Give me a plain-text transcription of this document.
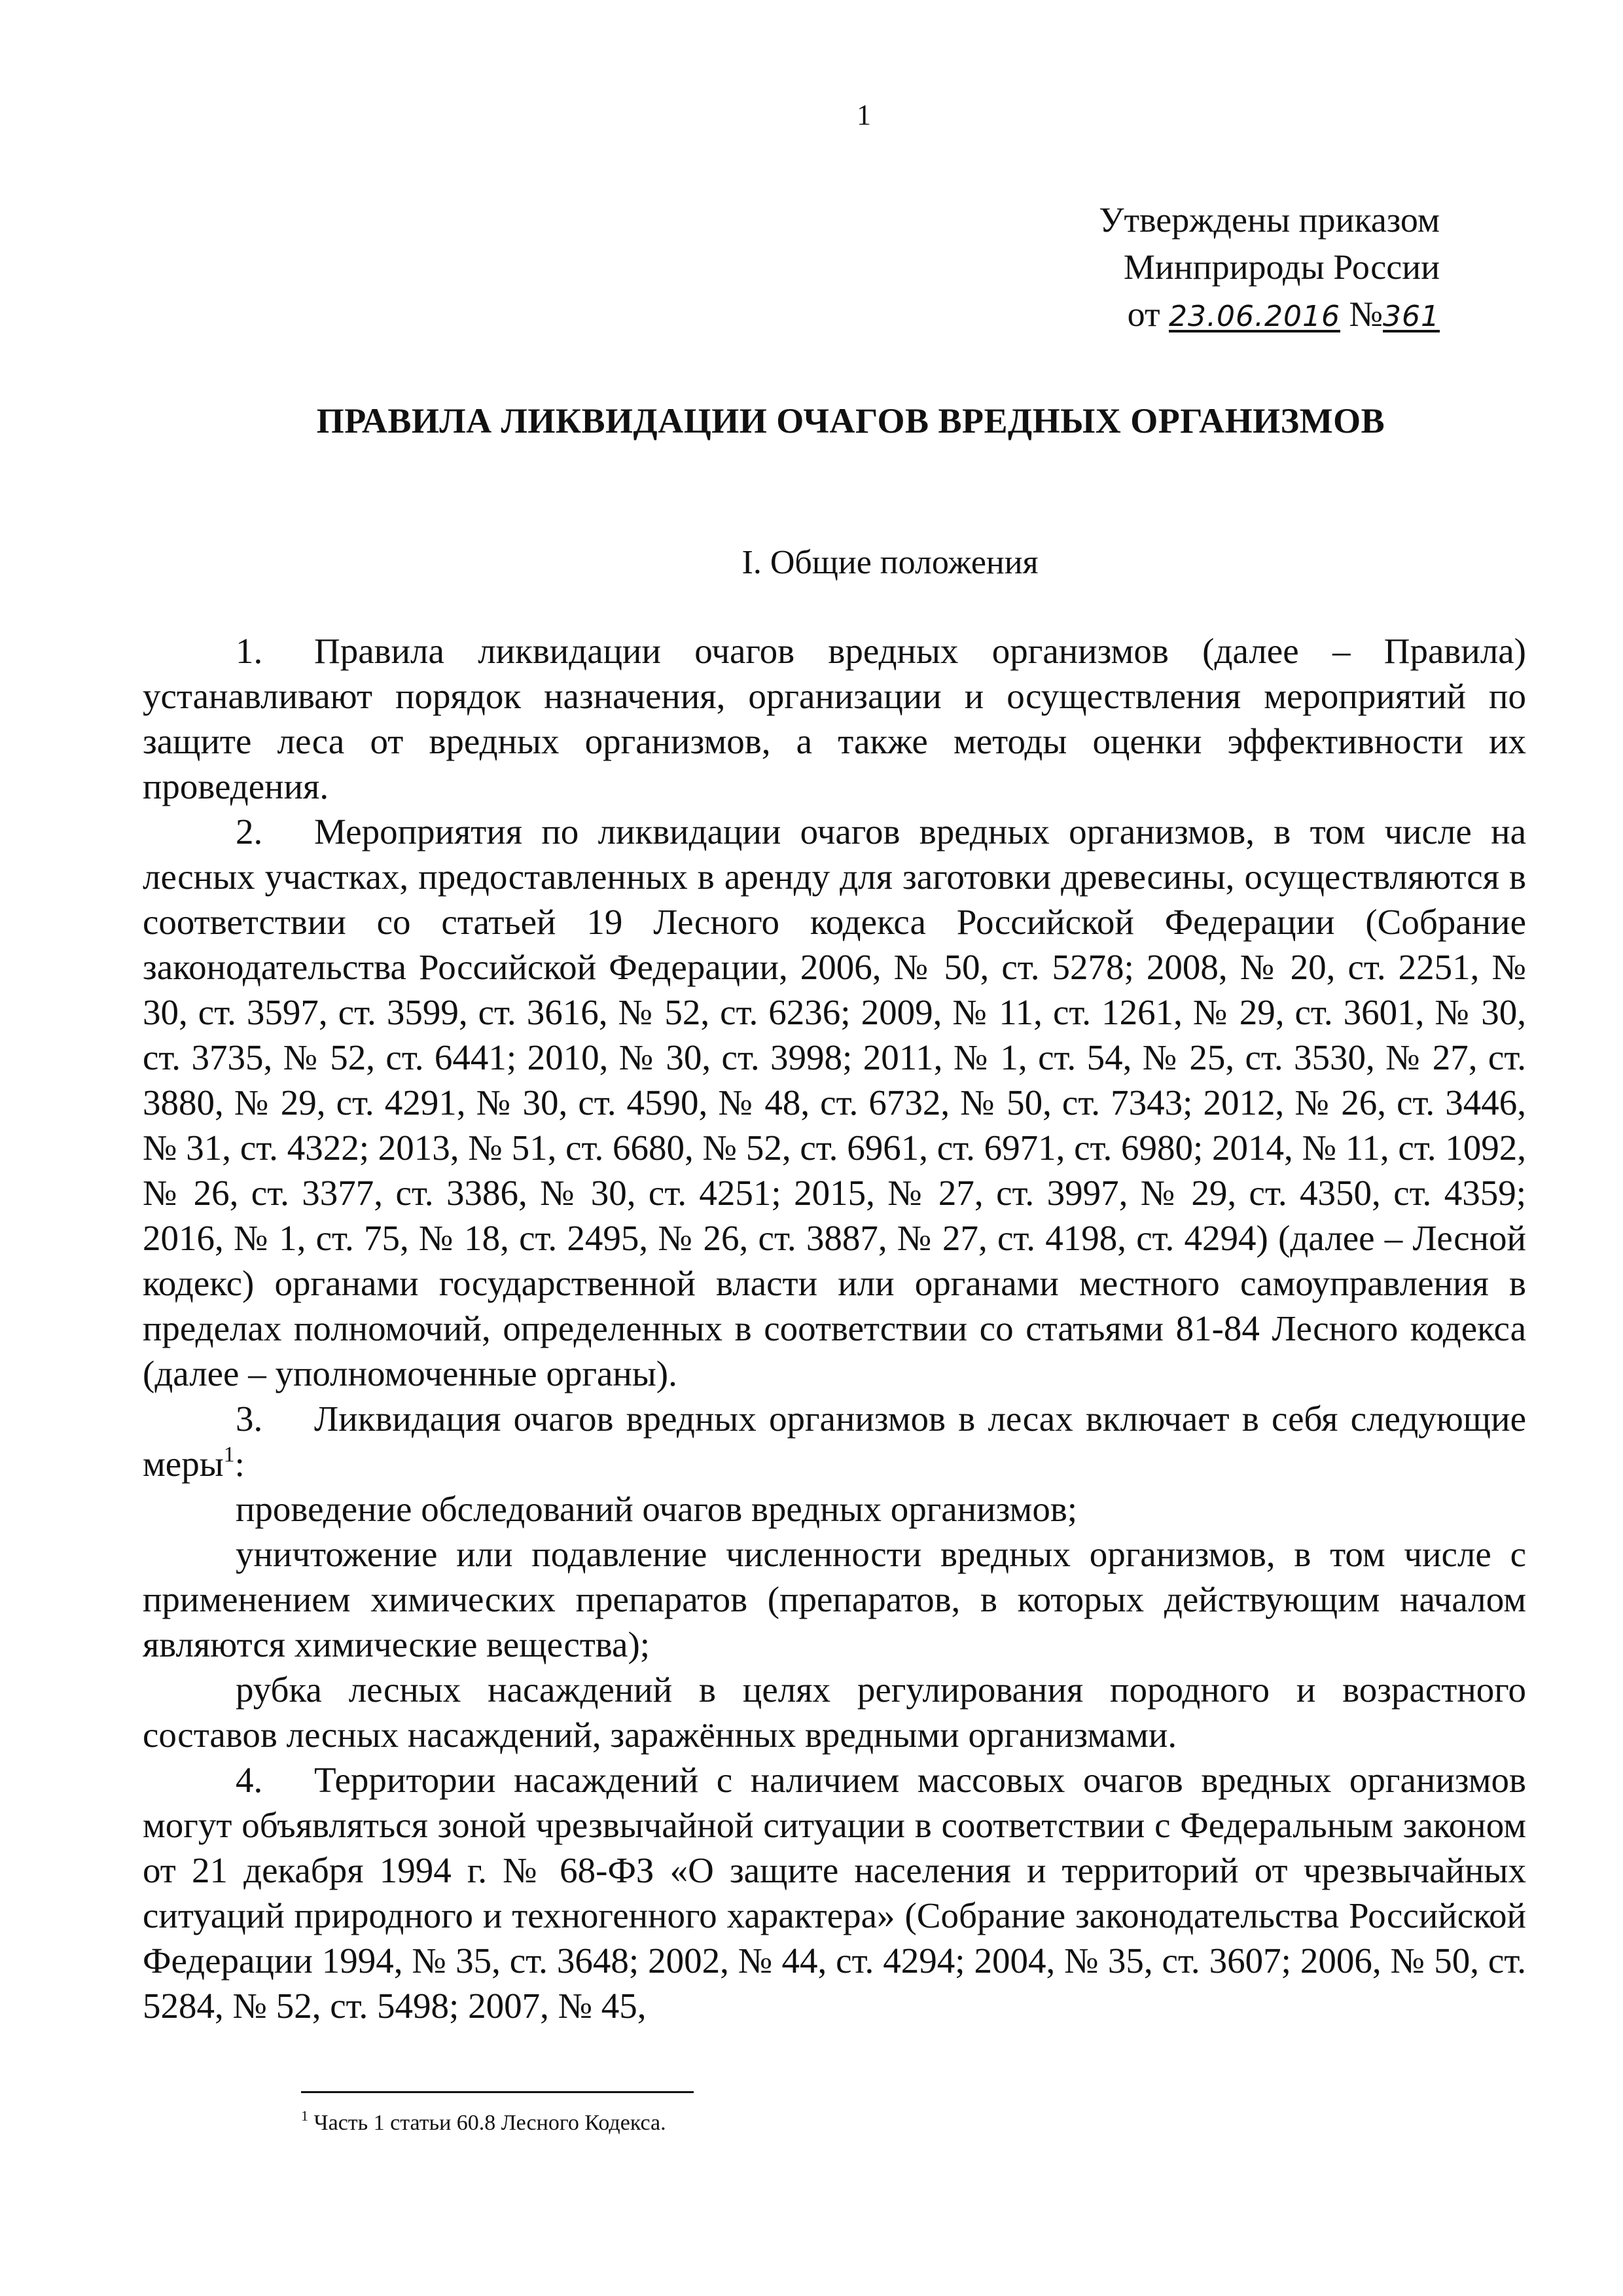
1
Утверждены приказом
Минприроды России
от 23.06.2016 №361
ПРАВИЛА ЛИКВИДАЦИИ ОЧАГОВ ВРЕДНЫХ ОРГАНИЗМОВ
I. Общие положения

1. Правила ликвидации очагов вредных организмов (далее – Правила) устанавливают порядок назначения, организации и осуществления мероприятий по защите леса от вредных организмов, а также методы оценки эффективности их проведения.

2. Мероприятия по ликвидации очагов вредных организмов, в том числе на лесных участках, предоставленных в аренду для заготовки древесины, осуществляются в соответствии со статьей 19 Лесного кодекса Российской Федерации (Собрание законодательства Российской Федерации, 2006, № 50, ст. 5278; 2008, № 20, ст. 2251, № 30, ст. 3597, ст. 3599, ст. 3616, № 52, ст. 6236; 2009, № 11, ст. 1261, № 29, ст. 3601, № 30, ст. 3735, № 52, ст. 6441; 2010, № 30, ст. 3998; 2011, № 1, ст. 54, № 25, ст. 3530, № 27, ст. 3880, № 29, ст. 4291, № 30, ст. 4590, № 48, ст. 6732, № 50, ст. 7343; 2012, № 26, ст. 3446, № 31, ст. 4322; 2013, № 51, ст. 6680, № 52, ст. 6961, ст. 6971, ст. 6980; 2014, № 11, ст. 1092, № 26, ст. 3377, ст. 3386, № 30, ст. 4251; 2015, № 27, ст. 3997, № 29, ст. 4350, ст. 4359; 2016, № 1, ст. 75, № 18, ст. 2495, № 26, ст. 3887, № 27, ст. 4198, ст. 4294) (далее – Лесной кодекс) органами государственной власти или органами местного самоуправления в пределах полномочий, определенных в соответствии со статьями 81-84 Лесного кодекса (далее – уполномоченные органы).

3. Ликвидация очагов вредных организмов в лесах включает в себя следующие меры$^1$:

проведение обследований очагов вредных организмов;

уничтожение или подавление численности вредных организмов, в том числе с применением химических препаратов (препаратов, в которых действующим началом являются химические вещества);

рубка лесных насаждений в целях регулирования породного и возрастного составов лесных насаждений, заражённых вредными организмами.

4. Территории насаждений с наличием массовых очагов вредных организмов могут объявляться зоной чрезвычайной ситуации в соответствии с Федеральным законом от 21 декабря 1994 г. № 68-ФЗ «О защите населения и территорий от чрезвычайных ситуаций природного и техногенного характера» (Собрание законодательства Российской Федерации 1994, № 35, ст. 3648; 2002, № 44, ст. 4294; 2004, № 35, ст. 3607; 2006, № 50, ст. 5284, № 52, ст. 5498; 2007, № 45,

$^1$ Часть 1 статьи 60.8 Лесного Кодекса.
